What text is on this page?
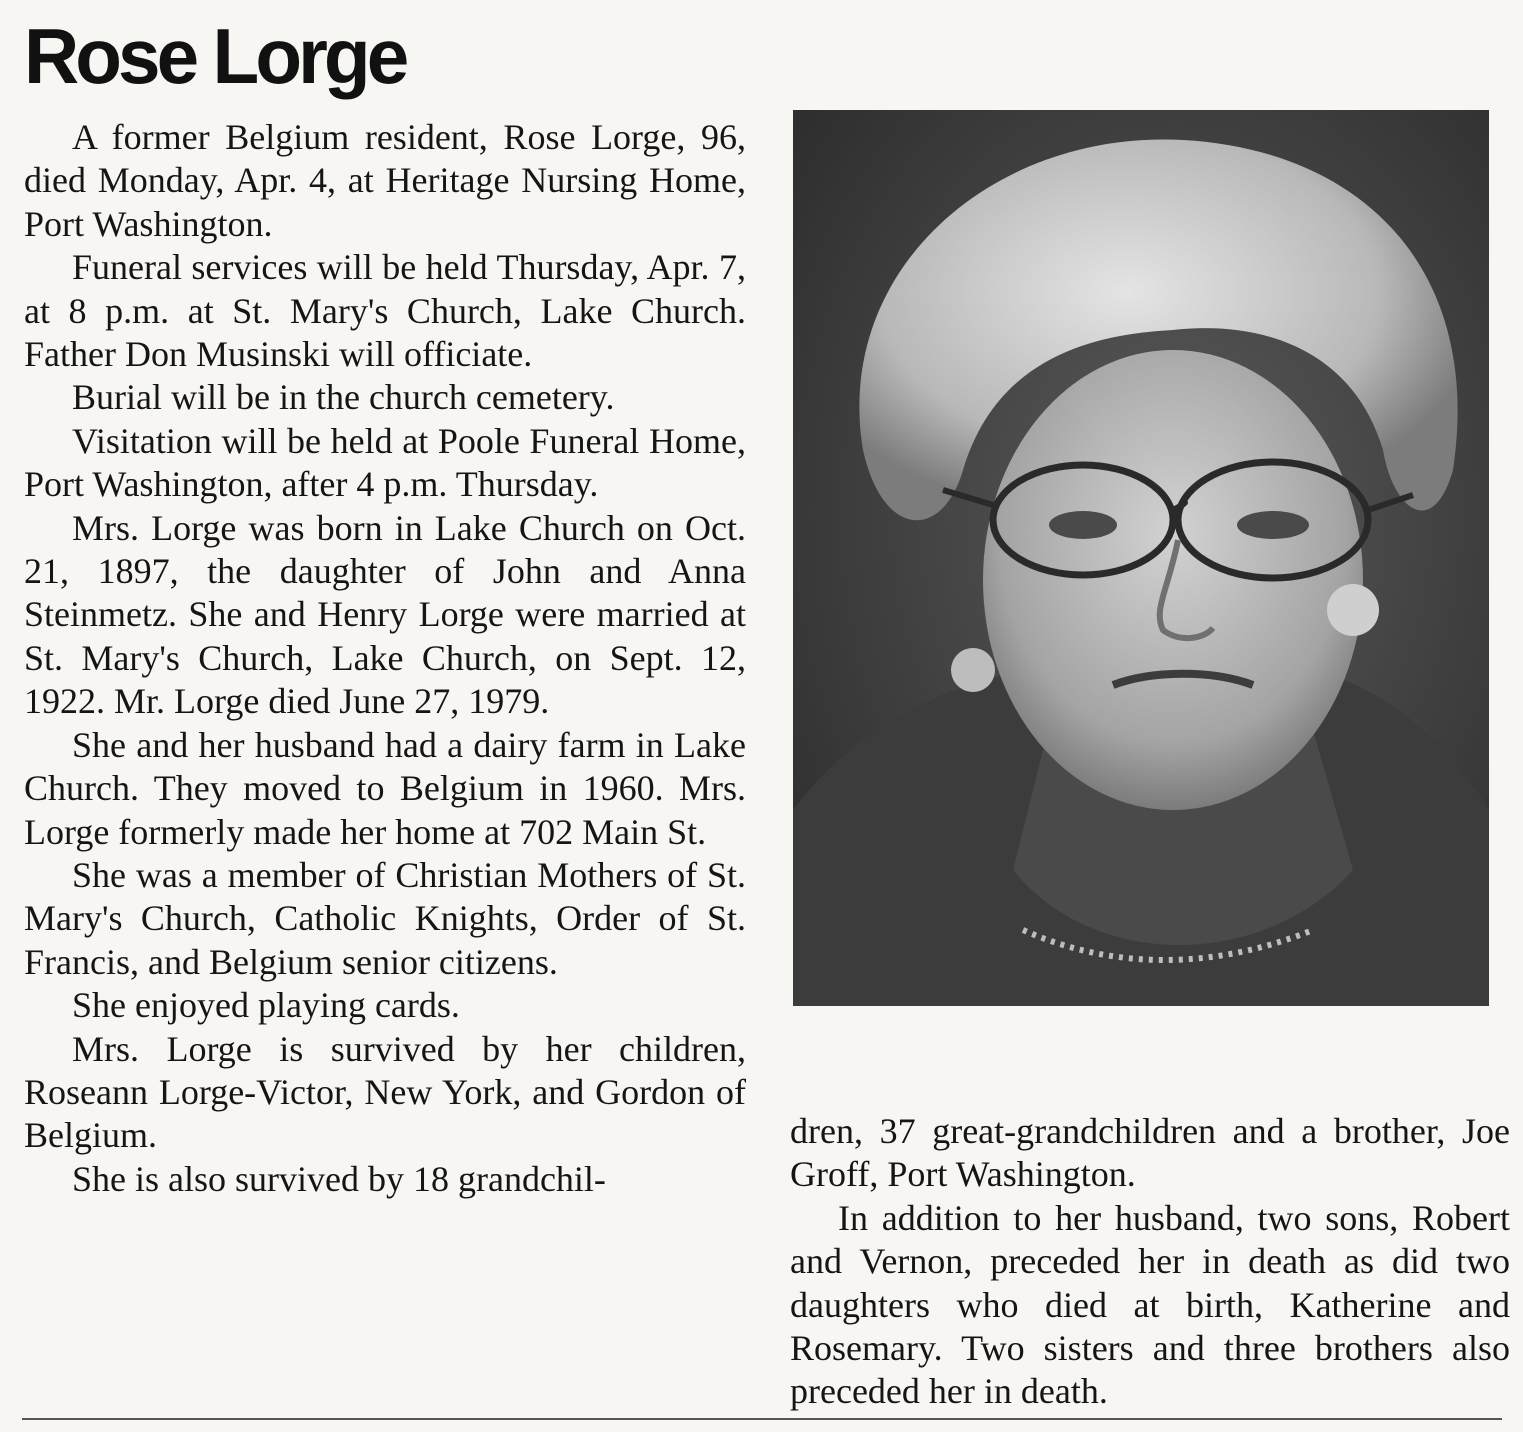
Rose Lorge

A former Belgium resident, Rose Lorge, 96, died Monday, Apr. 4, at Heritage Nursing Home, Port Washington.

Funeral services will be held Thursday, Apr. 7, at 8 p.m. at St. Mary's Church, Lake Church. Father Don Musinski will officiate.

Burial will be in the church cemetery.

Visitation will be held at Poole Funeral Home, Port Washington, after 4 p.m. Thursday.

Mrs. Lorge was born in Lake Church on Oct. 21, 1897, the daughter of John and Anna Steinmetz. She and Henry Lorge were married at St. Mary's Church, Lake Church, on Sept. 12, 1922. Mr. Lorge died June 27, 1979.

She and her husband had a dairy farm in Lake Church. They moved to Belgium in 1960. Mrs. Lorge formerly made her home at 702 Main St.

She was a member of Christian Mothers of St. Mary's Church, Catholic Knights, Order of St. Francis, and Belgium senior citizens.

She enjoyed playing cards.

Mrs. Lorge is survived by her children, Roseann Lorge-Victor, New York, and Gordon of Belgium.

She is also survived by 18 grandchil-

dren, 37 great-grandchildren and a brother, Joe Groff, Port Washington.

In addition to her husband, two sons, Robert and Vernon, preceded her in death as did two daughters who died at birth, Katherine and Rosemary. Two sisters and three brothers also preceded her in death.
